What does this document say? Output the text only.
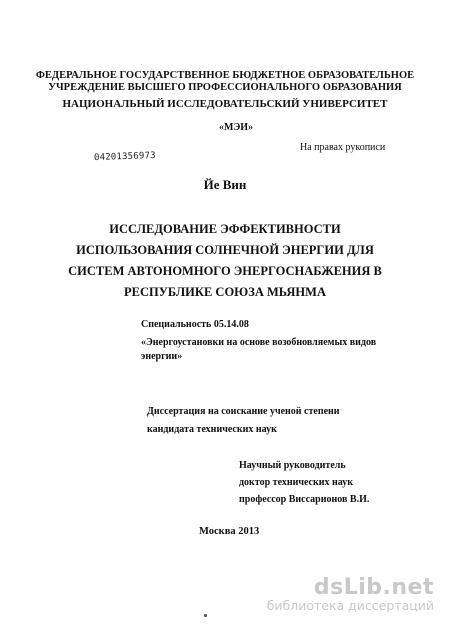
ФЕДЕРАЛЬНОЕ ГОСУДАРСТВЕННОЕ БЮДЖЕТНОЕ ОБРАЗОВАТЕЛЬНОЕ
УЧРЕЖДЕНИЕ ВЫСШЕГО ПРОФЕССИОНАЛЬНОГО ОБРАЗОВАНИЯ
НАЦИОНАЛЬНЫЙ ИССЛЕДОВАТЕЛЬСКИЙ УНИВЕРСИТЕТ
«МЭИ»
04201356973
На правах рукописи
Йе Вин
ИССЛЕДОВАНИЕ ЭФФЕКТИВНОСТИ
ИСПОЛЬЗОВАНИЯ СОЛНЕЧНОЙ ЭНЕРГИИ ДЛЯ
СИСТЕМ АВТОНОМНОГО ЭНЕРГОСНАБЖЕНИЯ В
РЕСПУБЛИКЕ СОЮЗА МЬЯНМА
Специальность 05.14.08
«Энергоустановки на основе возобновляемых видов энергии»
Диссертация на соискание ученой степени
кандидата технических наук
Научный руководитель
доктор технических наук
профессор Виссарионов В.И.
Москва 2013
dsLib.net
библиотека диссертаций
